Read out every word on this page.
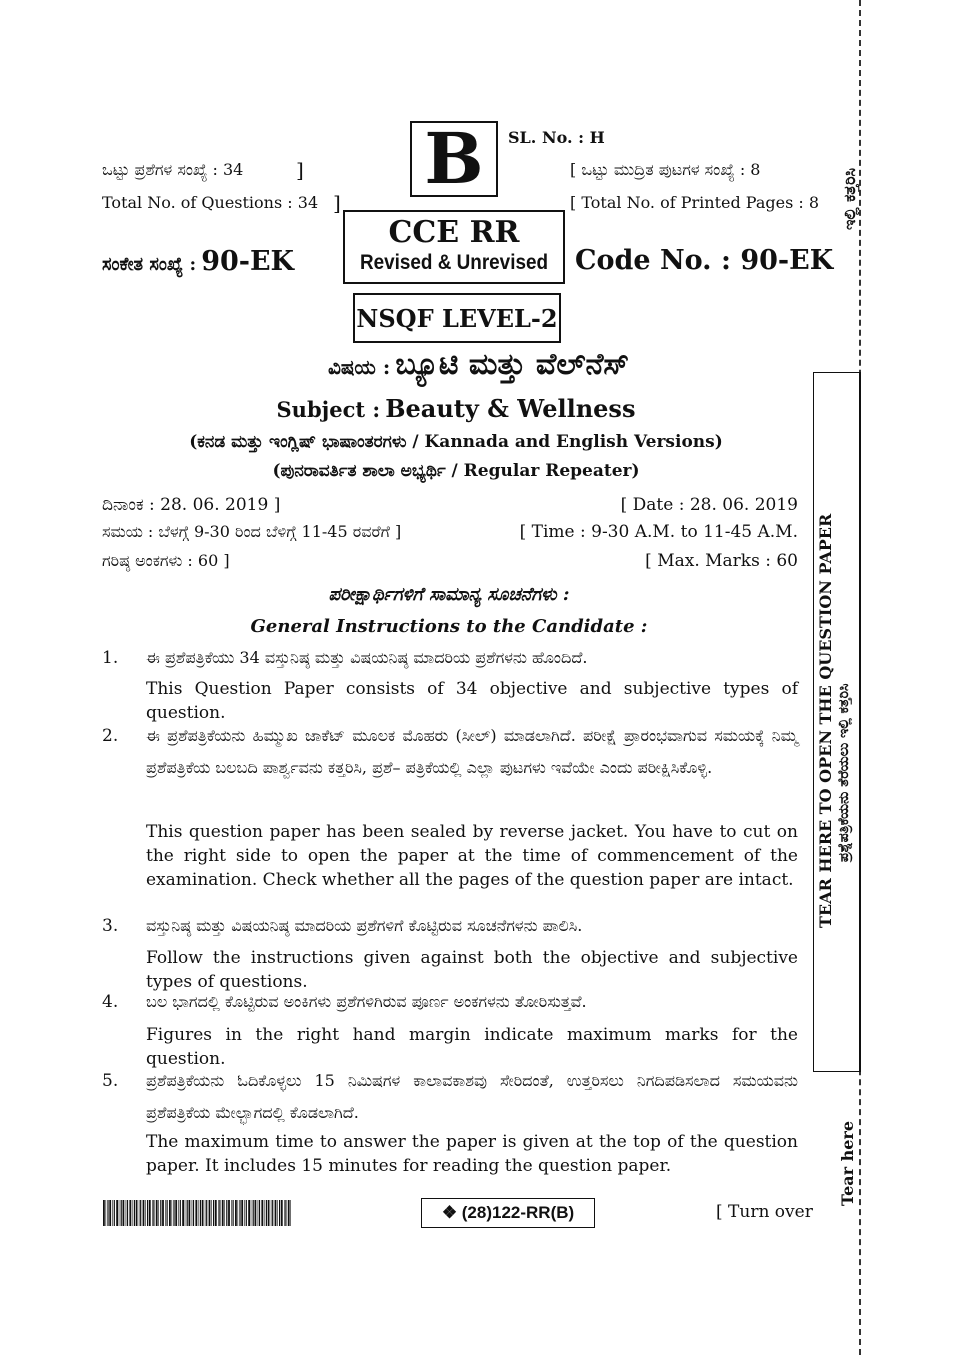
SL. No. : H
B
ಒಟ್ಟು ಪ್ರಶೆಗಳ ಸಂಖ್ಯೆ : 34	]
Total No. of Questions : 34 ]
[ ಒಟ್ಟು ಮುದ್ರಿತ ಪುಟಗಳ ಸಂಖ್ಯೆ : 8
[ Total No. of Printed Pages : 8
CCE RR
Revised & Unrevised
ಸಂಕೇತ ಸಂಖ್ಯೆ : 90-EK	Code No. : 90-EK
NSQF LEVEL-2
ವಿಷಯ : ಬ್ಯೂಟಿ ಮತ್ತು ವೆಲ್‌ನೆಸ್
Subject : Beauty & Wellness
(ಕನಡ ಮತ್ತು ಇಂಗ್ಲಿಷ್ ಭಾಷಾಂತರಗಳು / Kannada and English Versions)
(ಪುನರಾವರ್ತಿತ ಶಾಲಾ ಅಭ್ಯರ್ಥಿ / Regular Repeater)
ದಿನಾಂಕ : 28. 06. 2019 ]	[ Date : 28. 06. 2019
ಸಮಯ : ಬೆಳಗ್ಗೆ 9-30 ರಿಂದ ಬೆಳಿಗ್ಗೆ 11-45 ರವರೆಗೆ ]	[ Time : 9-30 A.M. to 11-45 A.M.
ಗರಿಷ್ಠ ಅಂಕಗಳು : 60 ]	[ Max. Marks : 60
ಪರೀಕ್ಷಾರ್ಥಿಗಳಿಗೆ ಸಾಮಾನ್ಯ ಸೂಚನೆಗಳು :
General Instructions to the Candidate :
1. ಈ ಪ್ರಶೆಪತ್ರಿಕೆಯು 34 ವಸ್ತುನಿಷ್ಠ ಮತ್ತು ವಿಷಯನಿಷ್ಠ ಮಾದರಿಯ ಪ್ರಶೆಗಳನು ಹೊಂದಿದೆ.
This Question Paper consists of 34 objective and subjective types of question.
2. ಈ ಪ್ರಶೆಪತ್ರಿಕೆಯನು ಹಿಮ್ಮುಖ ಜಾಕೆಟ್ ಮೂಲಕ ಮೊಹರು (ಸೀಲ್) ಮಾಡಲಾಗಿದೆ. ಪರೀಕ್ಷೆ ಪ್ರಾರಂಭವಾಗುವ ಸಮಯಕ್ಕೆ ನಿಮ್ಮ ಪ್ರಶೆಪತ್ರಿಕೆಯ ಬಲಬದಿ ಪಾರ್ಶ್ವವನು ಕತ್ತರಿಸಿ, ಪ್ರಶೆ– ಪತ್ರಿಕೆಯಲ್ಲಿ ಎಲ್ಲಾ ಪುಟಗಳು ಇವೆಯೇ ಎಂದು ಪರೀಕ್ಷಿಸಿಕೊಳ್ಳಿ.
This question paper has been sealed by reverse jacket. You have to cut on the right side to open the paper at the time of commencement of the examination. Check whether all the pages of the question paper are intact.
3. ವಸ್ತುನಿಷ್ಠ ಮತ್ತು ವಿಷಯನಿಷ್ಠ ಮಾದರಿಯ ಪ್ರಶೆಗಳಿಗೆ ಕೊಟ್ಟಿರುವ ಸೂಚನೆಗಳನು ಪಾಲಿಸಿ.
Follow the instructions given against both the objective and subjective types of questions.
4. ಬಲ ಭಾಗದಲ್ಲಿ ಕೊಟ್ಟಿರುವ ಅಂಕಿಗಳು ಪ್ರಶೆಗಳಿಗಿರುವ ಪೂರ್ಣ ಅಂಕಗಳನು ತೋರಿಸುತ್ತವೆ.
Figures in the right hand margin indicate maximum marks for the question.
5. ಪ್ರಶೆಪತ್ರಿಕೆಯನು ಓದಿಕೊಳ್ಳಲು 15 ನಿಮಿಷಗಳ ಕಾಲಾವಕಾಶವು ಸೇರಿದಂತೆ, ಉತ್ತರಿಸಲು ನಿಗದಿಪಡಿಸಲಾದ ಸಮಯವನು ಪ್ರಶೆಪತ್ರಿಕೆಯ ಮೇಲ್ಭಾಗದಲ್ಲಿ ಕೊಡಲಾಗಿದೆ.
The maximum time to answer the paper is given at the top of the question paper. It includes 15 minutes for reading the question paper.
ಇಲ್ಲಿ ಕತ್ತರಿಸಿ
TEAR HERE TO OPEN THE QUESTION PAPER ಪ್ರಶ್ನೆಪತ್ರಿಕೆಯನು ತೆರೆಯಲು ಇಲ್ಲಿ ಕತ್ತರಿಸಿ
Tear here
❖ (28)122-RR(B)	[ Turn over
